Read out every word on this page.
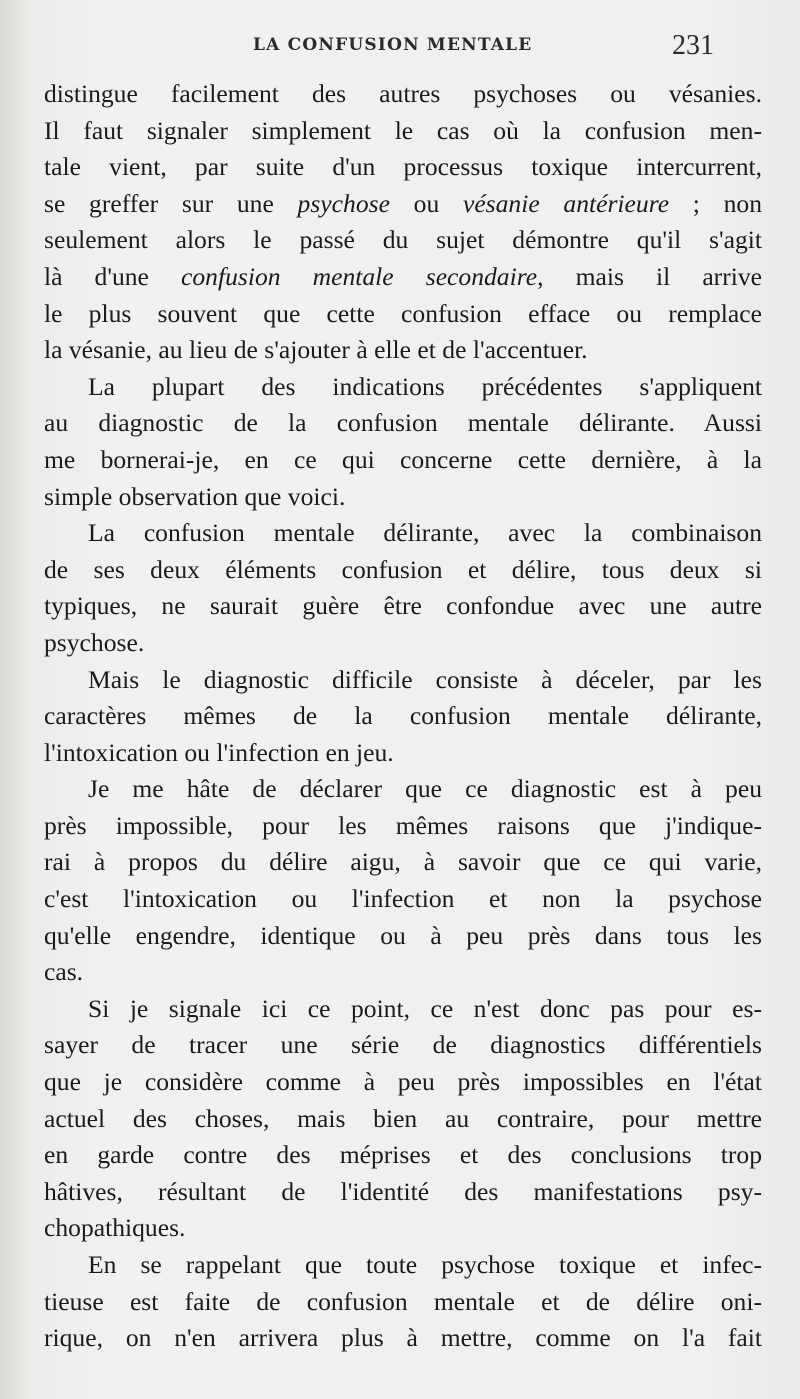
LA CONFUSION MENTALE	231
distingue facilement des autres psychoses ou vésanies.
Il faut signaler simplement le cas où la confusion men-
tale vient, par suite d'un processus toxique intercurrent,
se greffer sur une psychose ou vésanie antérieure ; non
seulement alors le passé du sujet démontre qu'il s'agit
là d'une confusion mentale secondaire, mais il arrive
le plus souvent que cette confusion efface ou remplace
la vésanie, au lieu de s'ajouter à elle et de l'accentuer.
La plupart des indications précédentes s'appliquent
au diagnostic de la confusion mentale délirante. Aussi
me bornerai-je, en ce qui concerne cette dernière, à la
simple observation que voici.
La confusion mentale délirante, avec la combinaison
de ses deux éléments confusion et délire, tous deux si
typiques, ne saurait guère être confondue avec une autre
psychose.
Mais le diagnostic difficile consiste à déceler, par les
caractères mêmes de la confusion mentale délirante,
l'intoxication ou l'infection en jeu.
Je me hâte de déclarer que ce diagnostic est à peu
près impossible, pour les mêmes raisons que j'indique-
rai à propos du délire aigu, à savoir que ce qui varie,
c'est l'intoxication ou l'infection et non la psychose
qu'elle engendre, identique ou à peu près dans tous les
cas.
Si je signale ici ce point, ce n'est donc pas pour es-
sayer de tracer une série de diagnostics différentiels
que je considère comme à peu près impossibles en l'état
actuel des choses, mais bien au contraire, pour mettre
en garde contre des méprises et des conclusions trop
hâtives, résultant de l'identité des manifestations psy-
chopathiques.
En se rappelant que toute psychose toxique et infec-
tieuse est faite de confusion mentale et de délire oni-
rique, on n'en arrivera plus à mettre, comme on l'a fait
